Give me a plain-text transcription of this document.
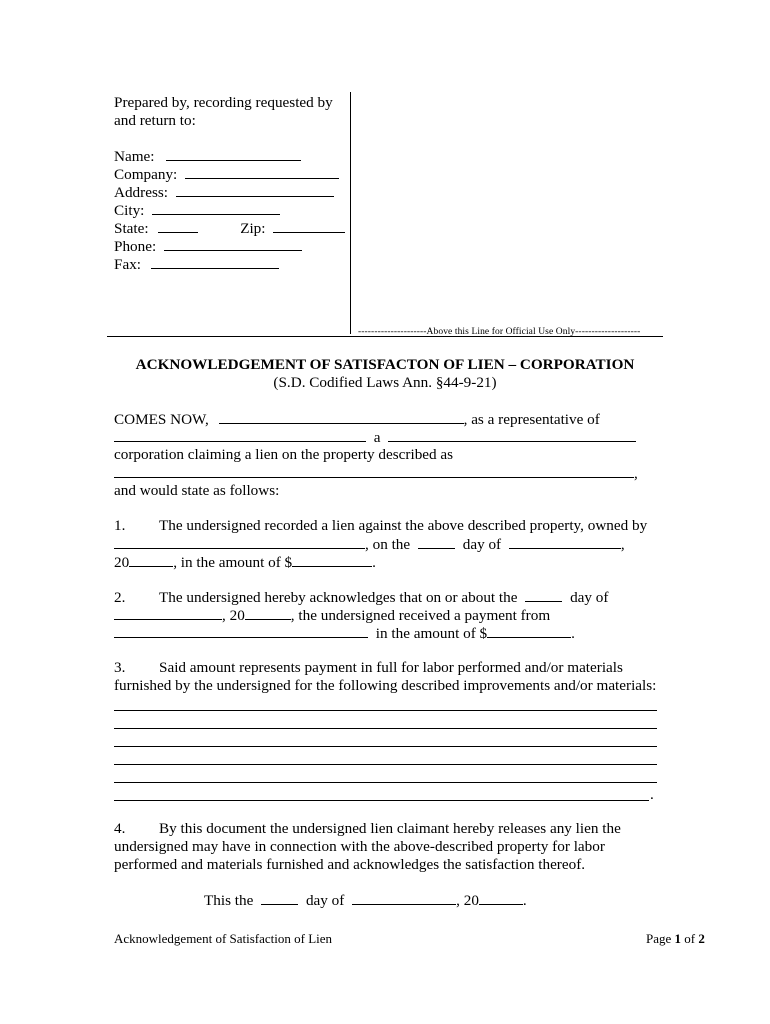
Prepared by, recording requested by
and return to:
Name:
Company:
Address:
City:
State:	Zip:
Phone:
Fax:
---------------------Above this Line for Official Use Only--------------------
ACKNOWLEDGEMENT OF SATISFACTON OF LIEN – CORPORATION
(S.D. Codified Laws Ann. §44-9-21)
COMES NOW,	, as a representative of
a
corporation claiming a lien on the property described as
,
and would state as follows:
1. The undersigned recorded a lien against the above described property, owned by
, on the	day of	,
20	, in the amount of $	.
2. The undersigned hereby acknowledges that on or about the	day of
, 20	, the undersigned received a payment from
in the amount of $	.
3. Said amount represents payment in full for labor performed and/or materials
furnished by the undersigned for the following described improvements and/or materials:
.
4. By this document the undersigned lien claimant hereby releases any lien the
undersigned may have in connection with the above-described property for labor
performed and materials furnished and acknowledges the satisfaction thereof.
This the	day of	, 20	.
Acknowledgement of Satisfaction of Lien	Page 1 of 2
